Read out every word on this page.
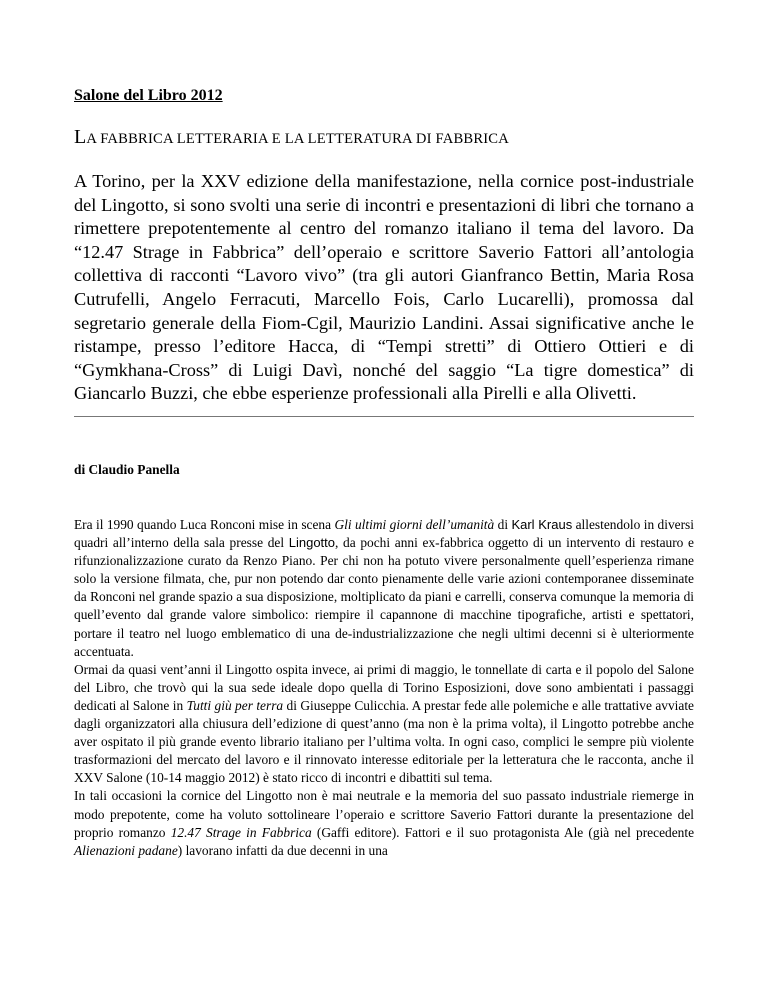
Salone del Libro 2012
LA FABBRICA LETTERARIA E LA LETTERATURA DI FABBRICA

A Torino, per la XXV edizione della manifestazione, nella cornice post-industriale del Lingotto, si sono svolti una serie di incontri e presentazioni di libri che tornano a rimettere prepotentemente al centro del romanzo italiano il tema del lavoro. Da “12.47 Strage in Fabbrica” dell’operaio e scrittore Saverio Fattori all’antologia collettiva di racconti “Lavoro vivo” (tra gli autori Gianfranco Bettin, Maria Rosa Cutrufelli, Angelo Ferracuti, Marcello Fois, Carlo Lucarelli), promossa dal segretario generale della Fiom-Cgil, Maurizio Landini. Assai significative anche le ristampe, presso l’editore Hacca, di “Tempi stretti” di Ottiero Ottieri e di “Gymkhana-Cross” di Luigi Davì, nonché del saggio “La tigre domestica” di Giancarlo Buzzi, che ebbe esperienze professionali alla Pirelli e alla Olivetti.

di Claudio Panella

Era il 1990 quando Luca Ronconi mise in scena Gli ultimi giorni dell’umanità di Karl Kraus allestendolo in diversi quadri all’interno della sala presse del Lingotto, da pochi anni ex-fabbrica oggetto di un intervento di restauro e rifunzionalizzazione curato da Renzo Piano. Per chi non ha potuto vivere personalmente quell’esperienza rimane solo la versione filmata, che, pur non potendo dar conto pienamente delle varie azioni contemporanee disseminate da Ronconi nel grande spazio a sua disposizione, moltiplicato da piani e carrelli, conserva comunque la memoria di quell’evento dal grande valore simbolico: riempire il capannone di macchine tipografiche, artisti e spettatori, portare il teatro nel luogo emblematico di una de-industrializzazione che negli ultimi decenni si è ulteriormente accentuata.

Ormai da quasi vent’anni il Lingotto ospita invece, ai primi di maggio, le tonnellate di carta e il popolo del Salone del Libro, che trovò qui la sua sede ideale dopo quella di Torino Esposizioni, dove sono ambientati i passaggi dedicati al Salone in Tutti giù per terra di Giuseppe Culicchia. A prestar fede alle polemiche e alle trattative avviate dagli organizzatori alla chiusura dell’edizione di quest’anno (ma non è la prima volta), il Lingotto potrebbe anche aver ospitato il più grande evento librario italiano per l’ultima volta. In ogni caso, complici le sempre più violente trasformazioni del mercato del lavoro e il rinnovato interesse editoriale per la letteratura che le racconta, anche il XXV Salone (10-14 maggio 2012) è stato ricco di incontri e dibattiti sul tema.

In tali occasioni la cornice del Lingotto non è mai neutrale e la memoria del suo passato industriale riemerge in modo prepotente, come ha voluto sottolineare l’operaio e scrittore Saverio Fattori durante la presentazione del proprio romanzo 12.47 Strage in Fabbrica (Gaffi editore). Fattori e il suo protagonista Ale (già nel precedente Alienazioni padane) lavorano infatti da due decenni in una
